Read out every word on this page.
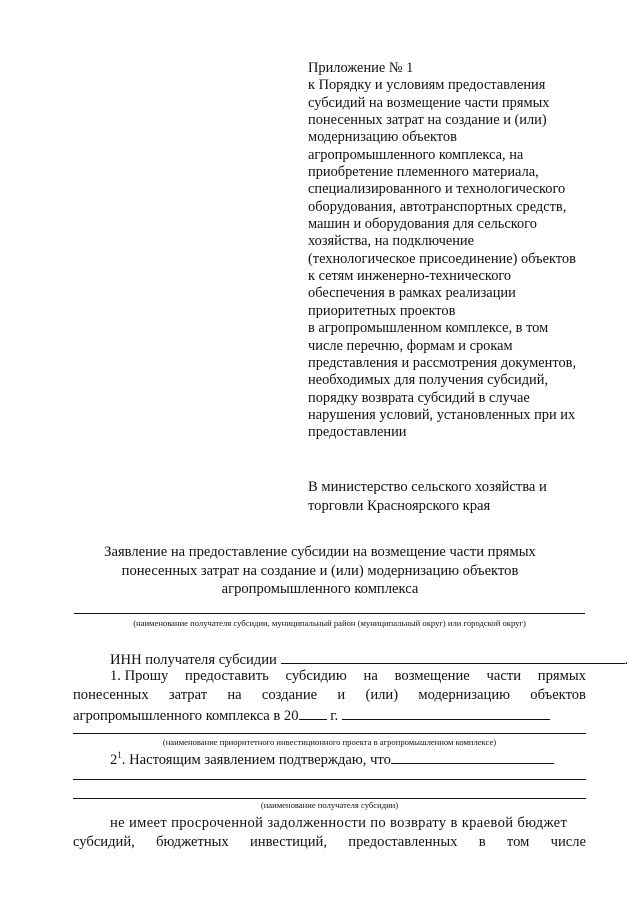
Приложение № 1
к Порядку и условиям предоставления
субсидий на возмещение части прямых
понесенных затрат на создание и (или)
модернизацию объектов
агропромышленного комплекса, на
приобретение племенного материала,
специализированного и технологического
оборудования, автотранспортных средств,
машин и оборудования для сельского
хозяйства, на подключение
(технологическое присоединение) объектов
к сетям инженерно-технического
обеспечения в рамках реализации
приоритетных проектов
в агропромышленном комплексе, в том
числе перечню, формам и срокам
представления и рассмотрения документов,
необходимых для получения субсидий,
порядку возврата субсидий в случае
нарушения условий, установленных при их
предоставлении
В министерство сельского хозяйства и
торговли Красноярского края
Заявление на предоставление субсидии на возмещение части прямых
понесенных затрат на создание и (или) модернизацию объектов
агропромышленного комплекса
(наименование получателя субсидии, муниципальный район (муниципальный округ) или городской округ)
ИНН получателя субсидии	.
1. Прошу предоставить субсидию на возмещение части прямых
понесенных затрат на создание и (или) модернизацию объектов
агропромышленного комплекса в 20 г.
(наименование приоритетного инвестиционного проекта в агропромышленном комплексе)
$2^1$. Настоящим заявлением подтверждаю, что
(наименование получателя субсидии)
не имеет просроченной задолженности по возврату в краевой бюджет
субсидий, бюджетных инвестиций, предоставленных в том числе
